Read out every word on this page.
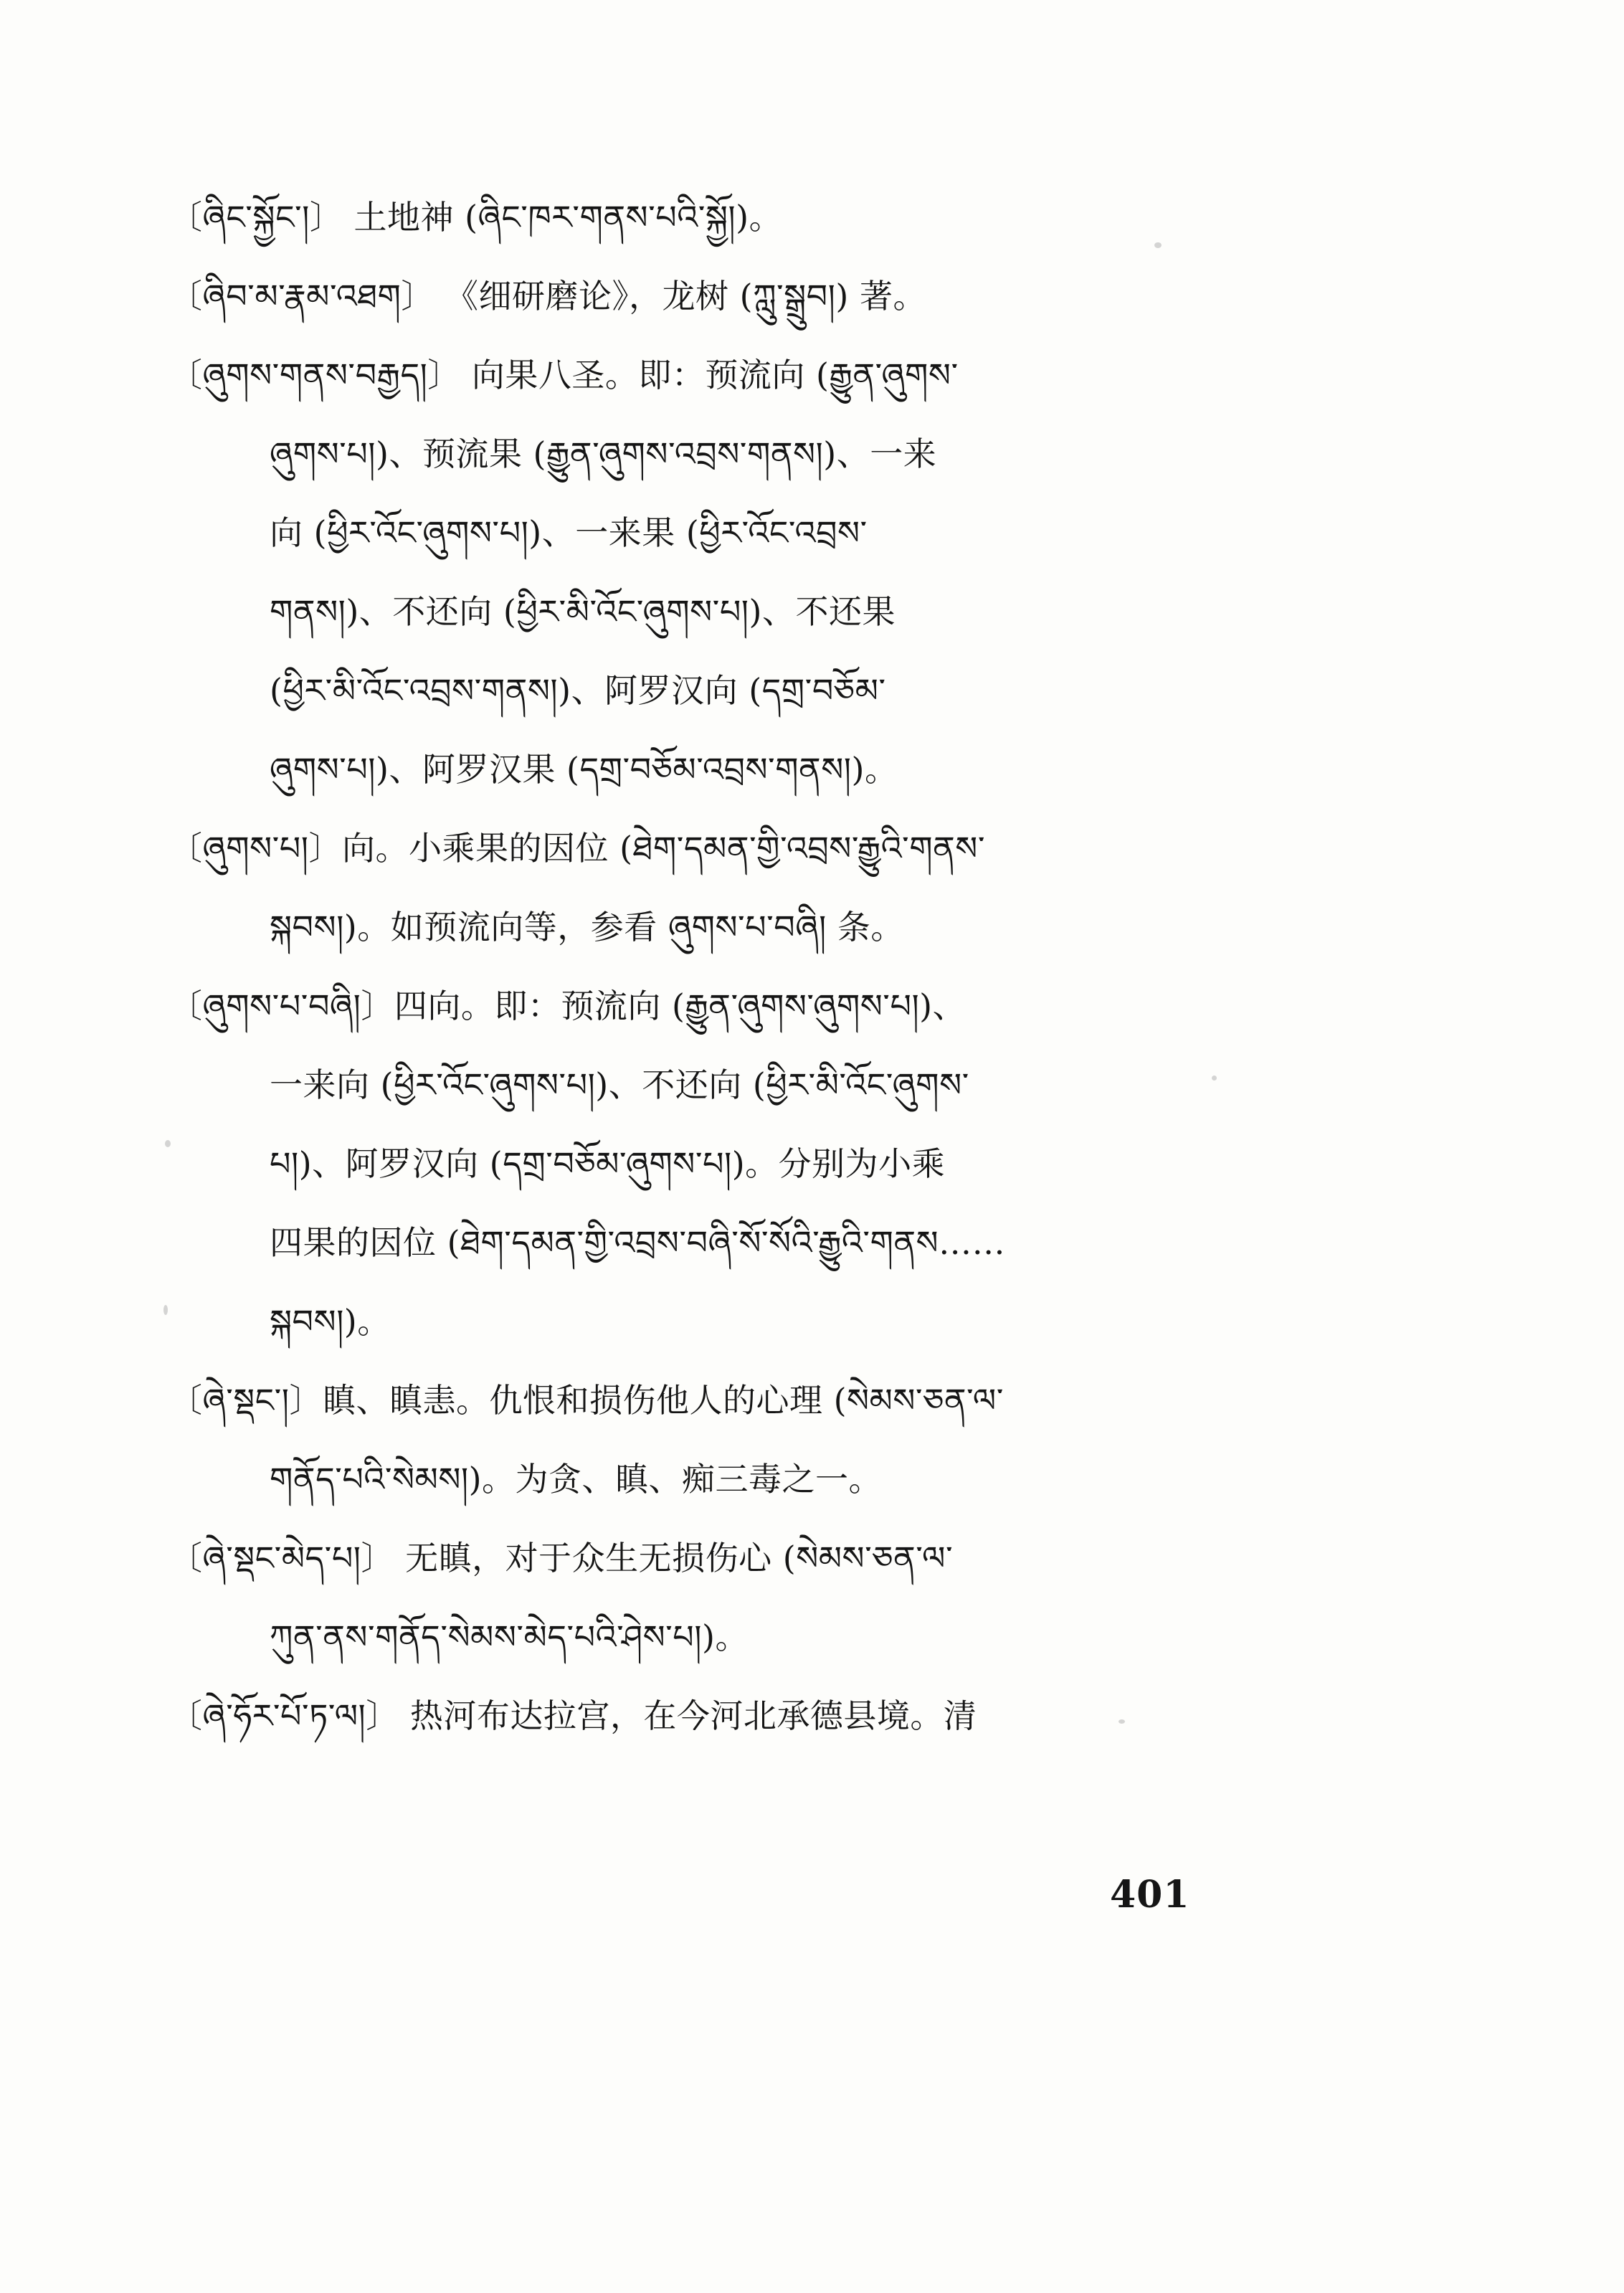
〔ཞིང་སྐྱོང་།〕 土地神 (ཞིང་ཁར་གནས་པའི་སྐྱོ།)。
〔ཞིབ་མ་རྣམ་འཐག〕 《细研磨论》，龙树 (ཀླུ་སྒྲུབ།) 著。
〔ཞུགས་གནས་བརྒྱད།〕 向果八圣。即：预流向 (རྒྱུན་ཞུགས་
ཞུགས་པ།)、预流果 (རྒྱུན་ཞུགས་འབྲས་གནས།)、一来
向 (ཕྱིར་འོང་ཞུགས་པ།)、一来果 (ཕྱིར་འོང་འབྲས་
གནས།)、不还向 (ཕྱིར་མི་འོང་ཞུགས་པ།)、不还果
(ཕྱིར་མི་འོང་འབྲས་གནས།)、阿罗汉向 (དགྲ་བཅོམ་
ཞུགས་པ།)、阿罗汉果 (དགྲ་བཅོམ་འབྲས་གནས།)。
〔ཞུགས་པ།〕向。小乘果的因位 (ཐེག་དམན་གྱི་འབྲས་རྒྱུའི་གནས་
སྐབས།)。如预流向等，参看 ཞུགས་པ་བཞི། 条。
〔ཞུགས་པ་བཞི།〕四向。即：预流向 (རྒྱུན་ཞུགས་ཞུགས་པ།)、
一来向 (ཕྱིར་འོང་ཞུགས་པ།)、不还向 (ཕྱིར་མི་འོང་ཞུགས་
པ།)、阿罗汉向 (དགྲ་བཅོམ་ཞུགས་པ།)。分别为小乘
四果的因位 (ཐེག་དམན་གྱི་འབྲས་བཞི་སོ་སོའི་རྒྱུའི་གནས……
སྐབས།)。
〔ཞེ་སྡང་།〕瞋、瞋恚。仇恨和损伤他人的心理 (སེམས་ཅན་ལ་
གནོད་པའི་སེམས།)。为贪、瞋、痴三毒之一。
〔ཞེ་སྡང་མེད་པ།〕 无瞋，对于众生无损伤心 (སེམས་ཅན་ལ་
ཀུན་ནས་གནོད་སེམས་མེད་པའི་ཤེས་པ།)。
〔ཞེ་ཧོར་པོ་ཏ་ལ།〕 热河布达拉宫，在今河北承德县境。清
401
